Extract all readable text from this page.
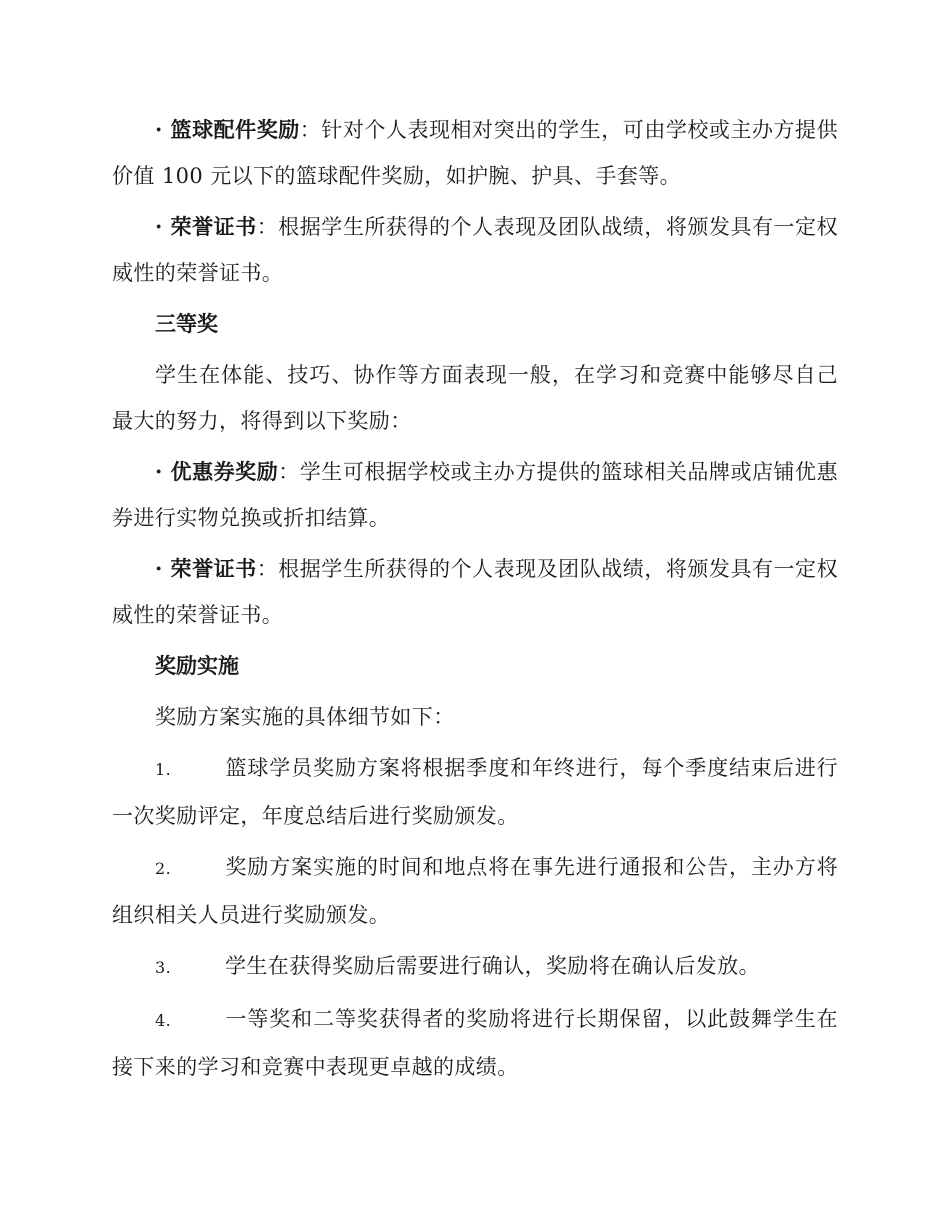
· 篮球配件奖励：针对个人表现相对突出的学生，可由学校或主办方提供价值 100 元以下的篮球配件奖励，如护腕、护具、手套等。

· 荣誉证书：根据学生所获得的个人表现及团队战绩，将颁发具有一定权威性的荣誉证书。

三等奖

学生在体能、技巧、协作等方面表现一般，在学习和竞赛中能够尽自己最大的努力，将得到以下奖励：

· 优惠券奖励：学生可根据学校或主办方提供的篮球相关品牌或店铺优惠券进行实物兑换或折扣结算。

· 荣誉证书：根据学生所获得的个人表现及团队战绩，将颁发具有一定权威性的荣誉证书。

奖励实施

奖励方案实施的具体细节如下：

1.	篮球学员奖励方案将根据季度和年终进行，每个季度结束后进行一次奖励评定，年度总结后进行奖励颁发。

2.	奖励方案实施的时间和地点将在事先进行通报和公告，主办方将组织相关人员进行奖励颁发。

3.	学生在获得奖励后需要进行确认，奖励将在确认后发放。

4.	一等奖和二等奖获得者的奖励将进行长期保留，以此鼓舞学生在接下来的学习和竞赛中表现更卓越的成绩。
